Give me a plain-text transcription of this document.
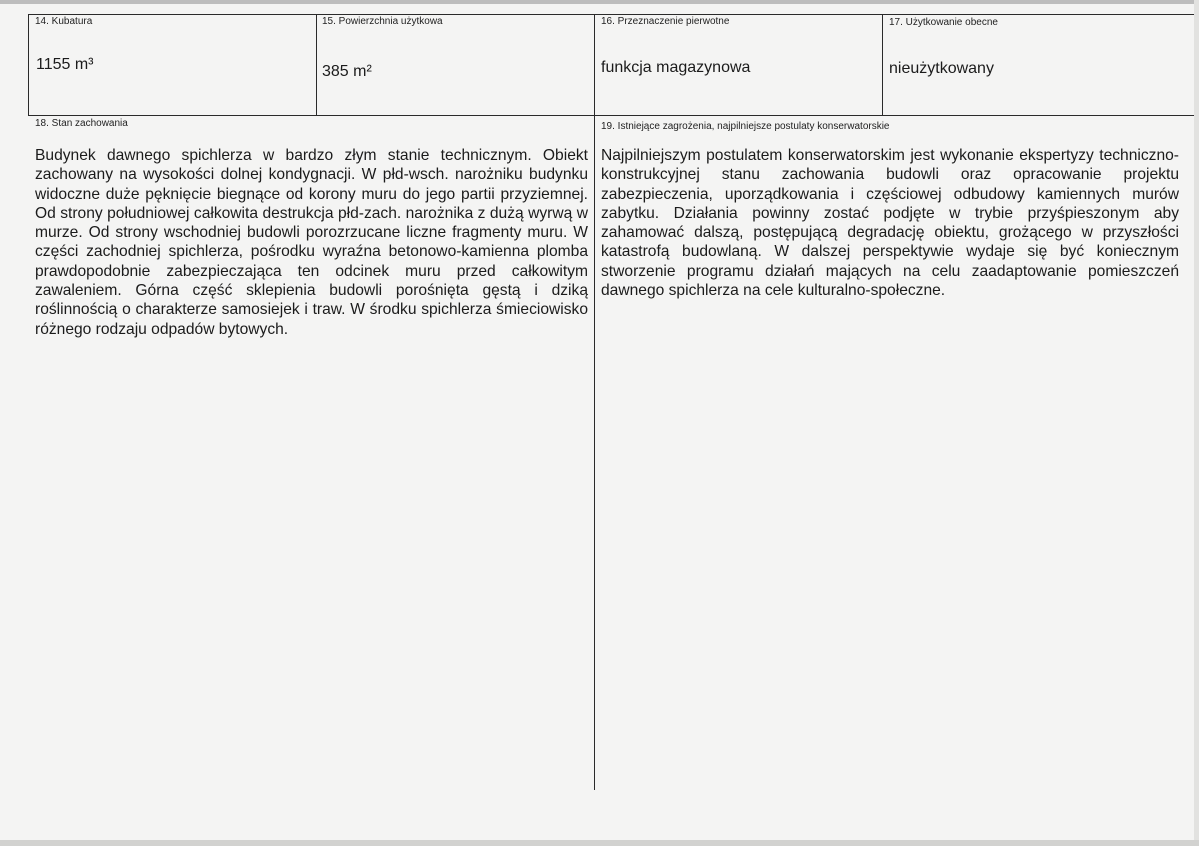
14. Kubatura
1155 m³
15. Powierzchnia użytkowa
385 m²
16. Przeznaczenie pierwotne
funkcja magazynowa
17. Użytkowanie obecne
nieużytkowany
18. Stan zachowania

Budynek dawnego spichlerza w bardzo złym stanie technicznym. Obiekt zachowany na wysokości dolnej kondygnacji. W płd-wsch. narożniku budynku widoczne duże pęknięcie biegnące od korony muru do jego partii przyziemnej. Od strony południowej całkowita destrukcja płd-zach. narożnika z dużą wyrwą w murze. Od strony wschodniej budowli porozrzucane liczne fragmenty muru. W części zachodniej spichlerza, pośrodku wyraźna betonowo-kamienna plomba prawdopodobnie zabezpieczająca ten odcinek muru przed całkowitym zawaleniem. Górna część sklepienia budowli porośnięta gęstą i dziką roślinnością o charakterze samosiejek i traw. W środku spichlerza śmieciowisko różnego rodzaju odpadów bytowych.

19. Istniejące zagrożenia, najpilniejsze postulaty konserwatorskie

Najpilniejszym postulatem konserwatorskim jest wykonanie ekspertyzy techniczno-konstrukcyjnej stanu zachowania budowli oraz opracowanie projektu zabezpieczenia, uporządkowania i częściowej odbudowy kamiennych murów zabytku. Działania powinny zostać podjęte w trybie przyśpieszonym aby zahamować dalszą, postępującą degradację obiektu, grożącego w przyszłości katastrofą budowlaną. W dalszej perspektywie wydaje się być koniecznym stworzenie programu działań mających na celu zaadaptowanie pomieszczeń dawnego spichlerza na cele kulturalno-społeczne.
